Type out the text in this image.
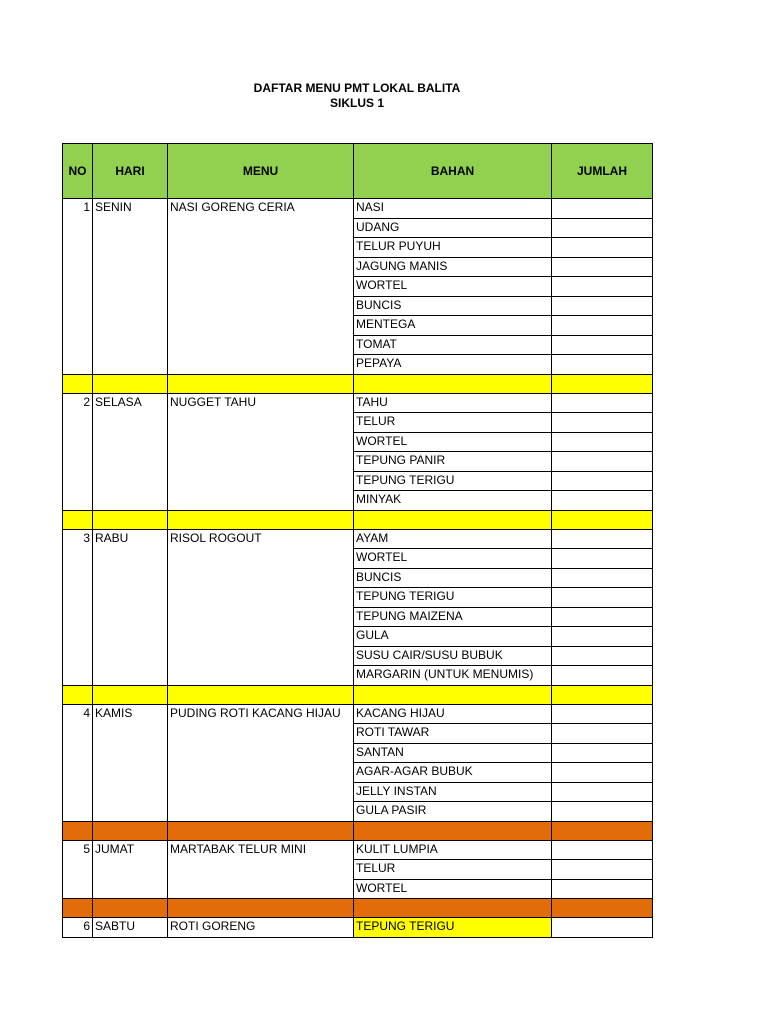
DAFTAR MENU PMT LOKAL BALITA
SIKLUS 1
NO	HARI	MENU	BAHAN	JUMLAH
1	SENIN	NASI GORENG CERIA	NASI	
			UDANG	
			TELUR PUYUH	
			JAGUNG MANIS	
			WORTEL	
			BUNCIS	
			MENTEGA	
			TOMAT	
			PEPAYA	

2	SELASA	NUGGET TAHU	TAHU	
			TELUR	
			WORTEL	
			TEPUNG PANIR	
			TEPUNG TERIGU	
			MINYAK	

3	RABU	RISOL ROGOUT	AYAM	
			WORTEL	
			BUNCIS	
			TEPUNG TERIGU	
			TEPUNG MAIZENA	
			GULA	
			SUSU CAIR/SUSU BUBUK	
			MARGARIN (UNTUK MENUMIS)	

4	KAMIS	PUDING ROTI KACANG HIJAU	KACANG HIJAU	
			ROTI TAWAR	
			SANTAN	
			AGAR-AGAR BUBUK	
			JELLY INSTAN	
			GULA PASIR	

5	JUMAT	MARTABAK TELUR MINI	KULIT LUMPIA	
			TELUR	
			WORTEL	

6	SABTU	ROTI GORENG	TEPUNG TERIGU	
